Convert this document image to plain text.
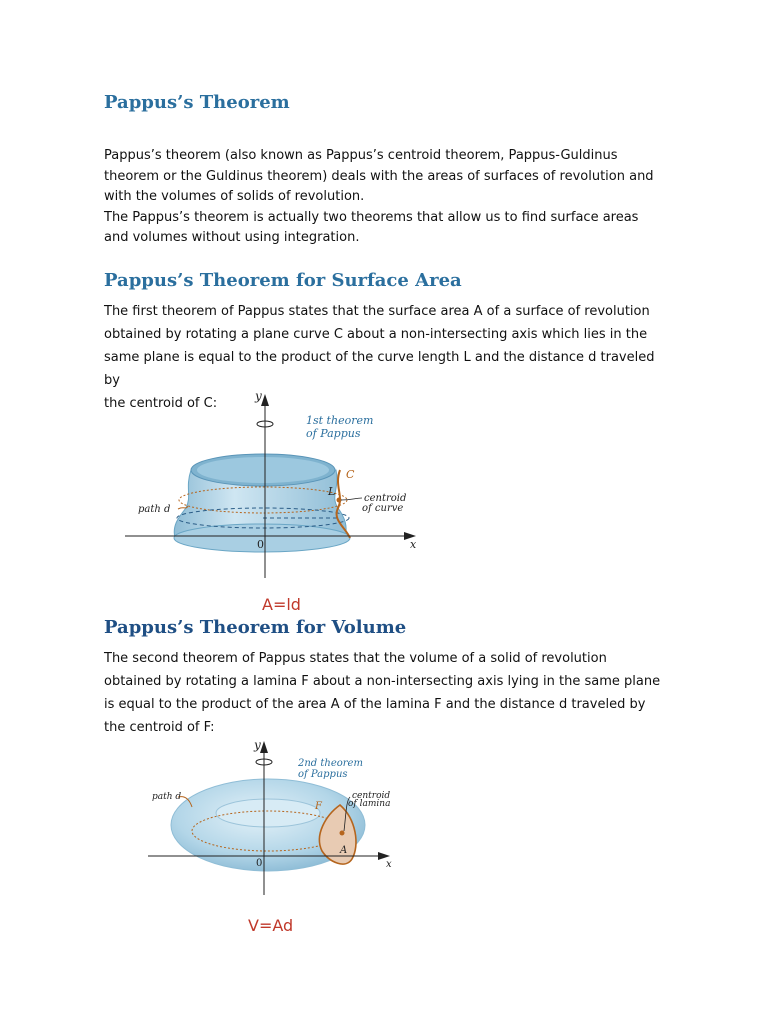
Pappus’s Theorem

Pappus’s theorem (also known as Pappus’s centroid theorem, Pappus-Guldinus

theorem or the Guldinus theorem) deals with the areas of surfaces of revolution and

with the volumes of solids of revolution.

The Pappus’s theorem is actually two theorems that allow us to find surface areas

and volumes without using integration.

Pappus’s Theorem for Surface Area

The first theorem of Pappus states that the surface area A of a surface of revolution

obtained by rotating a plane curve C about a non-intersecting axis which lies in the

same plane is equal to the product of the curve length L and the distance d traveled by

the centroid of C:	y
1st theorem
of Pappus
C
L
centroid
of curve
path d
0	x
A=ld
Pappus’s Theorem for Volume

The second theorem of Pappus states that the volume of a solid of revolution

obtained by rotating a lamina F about a non-intersecting axis lying in the same plane

is equal to the product of the area A of the lamina F and the distance d traveled by

the centroid of F:

y
2nd theorem
of Pappus
centroid
of lamina
path d
F
A
0	x
V=Ad
